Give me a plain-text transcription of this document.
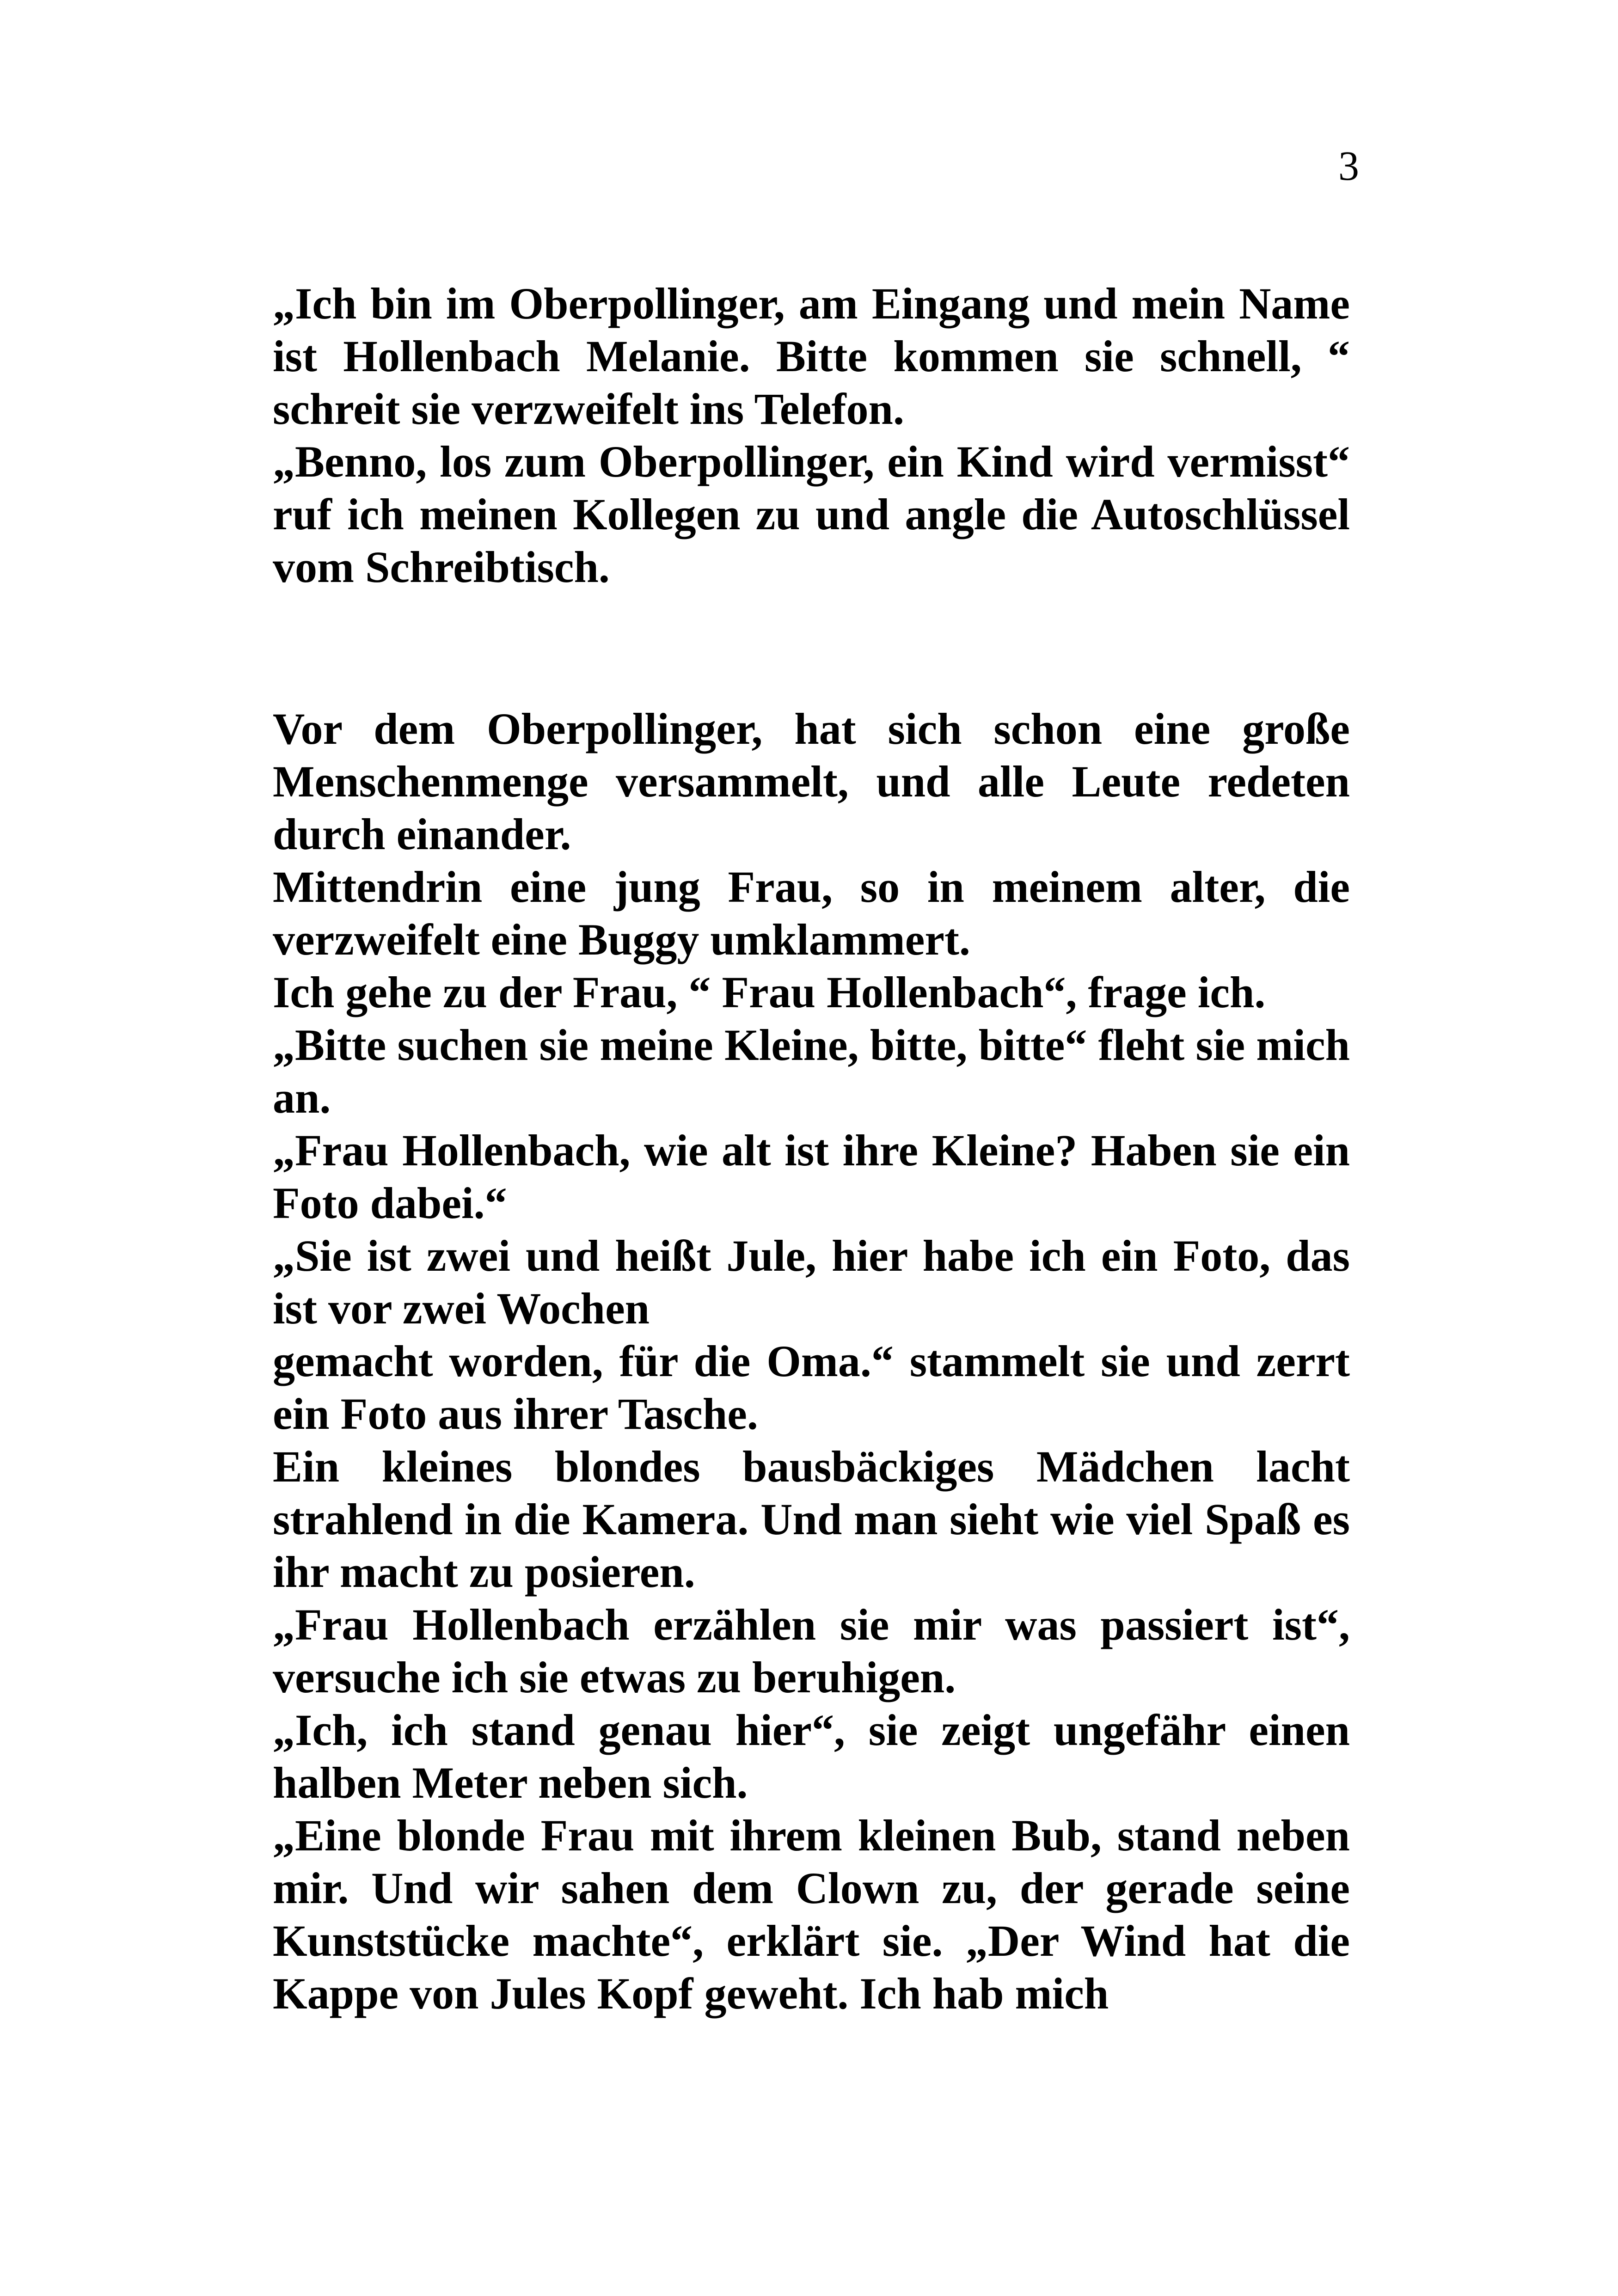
3

„Ich bin im Oberpollinger, am Eingang und mein Name ist Hollenbach Melanie. Bitte kommen sie schnell, “ schreit sie verzweifelt ins Telefon.

„Benno, los zum Oberpollinger, ein Kind wird vermisst“ ruf ich meinen Kollegen zu und angle die Autoschlüssel vom Schreibtisch.

Vor dem Oberpollinger, hat sich schon eine große Menschenmenge versammelt, und alle Leute redeten durch einander.

Mittendrin eine jung Frau, so in meinem alter, die verzweifelt eine Buggy umklammert.

Ich gehe zu der Frau, “ Frau Hollenbach“, frage ich.

„Bitte suchen sie meine Kleine, bitte, bitte“ fleht sie mich an.

„Frau Hollenbach, wie alt ist ihre Kleine? Haben sie ein Foto dabei.“

„Sie ist zwei und heißt Jule, hier habe ich ein Foto, das ist vor zwei Wochen

gemacht worden, für die Oma.“ stammelt sie und zerrt ein Foto aus ihrer Tasche.

Ein kleines blondes bausbäckiges Mädchen lacht strahlend in die Kamera. Und man sieht wie viel Spaß es ihr macht zu posieren.

„Frau Hollenbach erzählen sie mir was passiert ist“, versuche ich sie etwas zu beruhigen.

„Ich, ich stand genau hier“, sie zeigt ungefähr einen halben Meter neben sich.

„Eine blonde Frau mit ihrem kleinen Bub, stand neben mir. Und wir sahen dem Clown zu, der gerade seine Kunststücke machte“, erklärt sie. „Der Wind hat die Kappe von Jules Kopf geweht. Ich hab mich
